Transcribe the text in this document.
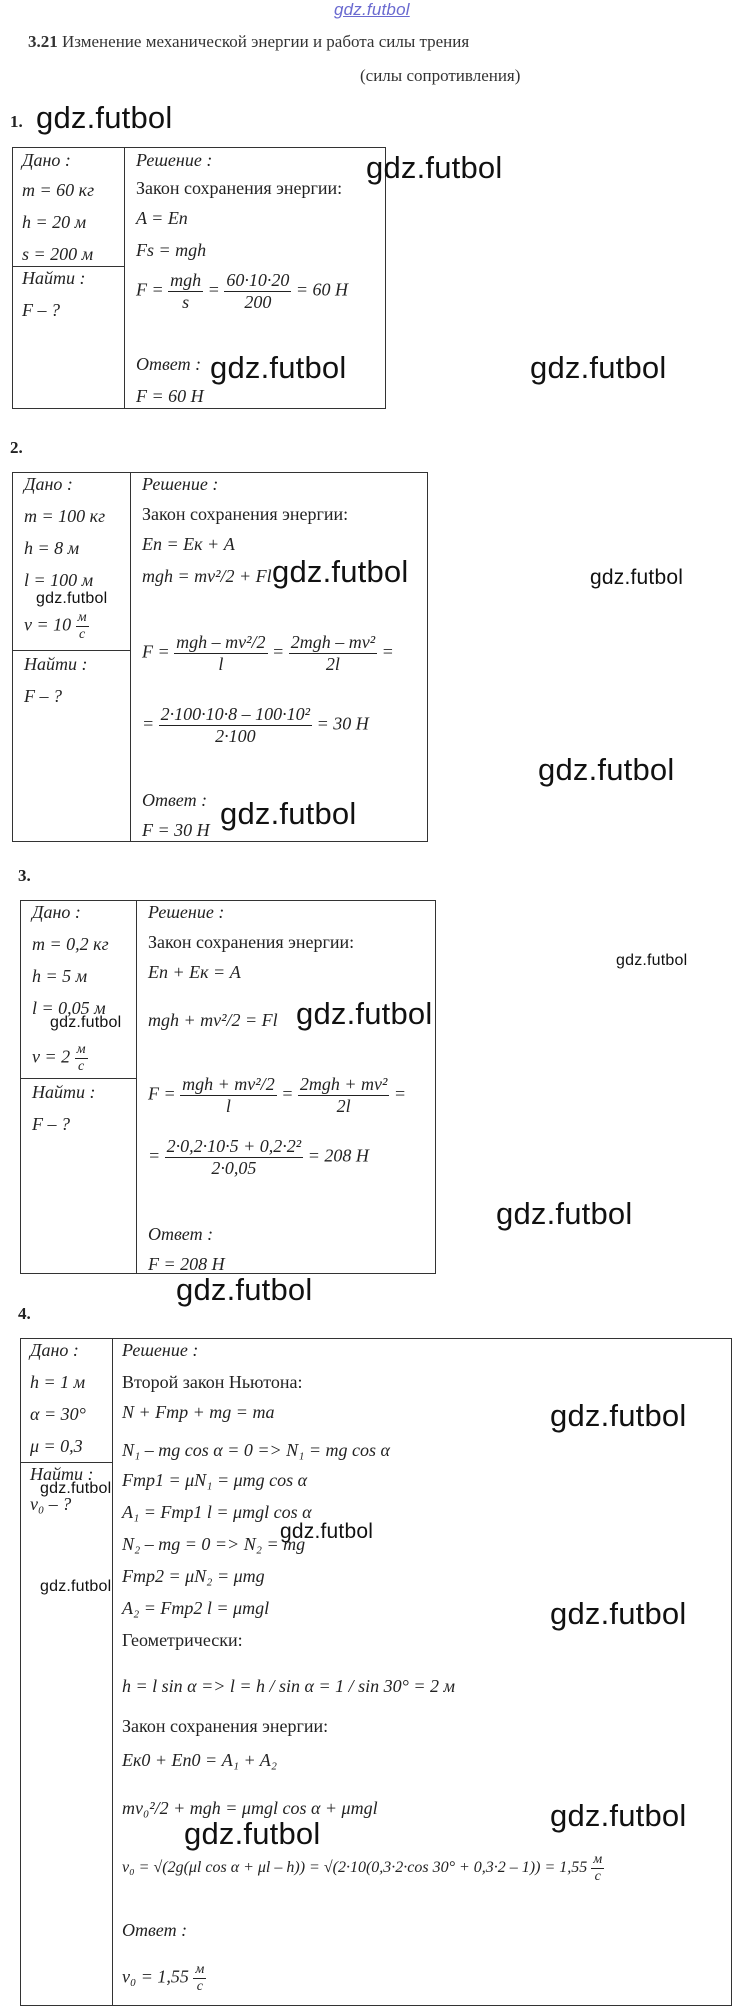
gdz.futbol
3.21 Изменение механической энергии и работа силы трения
(силы сопротивления)
1.
Дано :
m = 60 кг
h = 20 м
s = 200 м
Найти :
F – ?
Решение :
Закон сохранения энергии:
A = Eп
Fs = mgh
$F = \frac{\text{mgh}}{s} = \frac{60\cdot 10\cdot 20}{200} = 60$ Н
Ответ :
F = 60 Н
gdz.futbol
gdz.futbol
gdz.futbol	gdz.futbol
2.
Дано :
m = 100 кг
h = 8 м
l = 100 м
$v = 10 \frac{м}{с}$
Найти :
F – ?
Решение :
Закон сохранения энергии:
Eп = Eк + A
mgh = mv²/2 + Fl
$F = \frac{\text{mgh – mv²/2}}{l} = \frac{\text{2mgh – mv²}}{2l}$ =
= $\frac{\text{2·100·10·8 – 100·10²}}{2\cdot 100} = 30$ Н
Ответ :
F = 30 Н
gdz.futbol	gdz.futbol
gdz.futbol
gdz.futbol
gdz.futbol
3.
Дано :
m = 0,2 кг
h = 5 м
l = 0,05 м
$v = 2 \frac{м}{с}$
Найти :
F – ?
Решение :
Закон сохранения энергии:
Eп + Eк = A
mgh + mv²/2 = Fl
$F = \frac{\text{mgh + mv²/2}}{l} = \frac{\text{2mgh + mv²}}{2l}$ =
= $\frac{\text{2·0,2·10·5 + 0,2·2²}}{2\cdot 0,05} = 208$ Н
Ответ :
F = 208 Н
gdz.futbol
gdz.futbol
gdz.futbol
gdz.futbol
gdz.futbol
4.
Дано :
h = 1 м
α = 30°
μ = 0,3
Найти :
v₀ – ?
Решение :
Второй закон Ньютона:
N + Fтр + mg = ma
N₁ – mg cos α = 0 => N₁ = mg cos α
Fтр1 = μN₁ = μmg cos α
A₁ = Fтр1 l = μmgl cos α
N₂ – mg = 0 => N₂ = mg
Fтр2 = μN₂ = μmg
A₂ = Fтр2 l = μmgl
Геометрически:
h = l sin α => l = h / sin α = 1 / sin 30° = 2 м
Закон сохранения энергии:
Eк0 + Eп0 = A₁ + A₂
mv₀²/2 + mgh = μmgl cos α + μmgl
v₀ = √(2g(μl cos α + μl – h)) = √(2·10(0,3·2·cos $30^\circ + 0,3\cdot 2 - 1)) = 1,55 \frac{м}{с}$
Ответ :
$v_0 = 1,55 \frac{м}{с}$
gdz.futbol
gdz.futbol
gdz.futbol
gdz.futbol
gdz.futbol
gdz.futbol
gdz.futbol
